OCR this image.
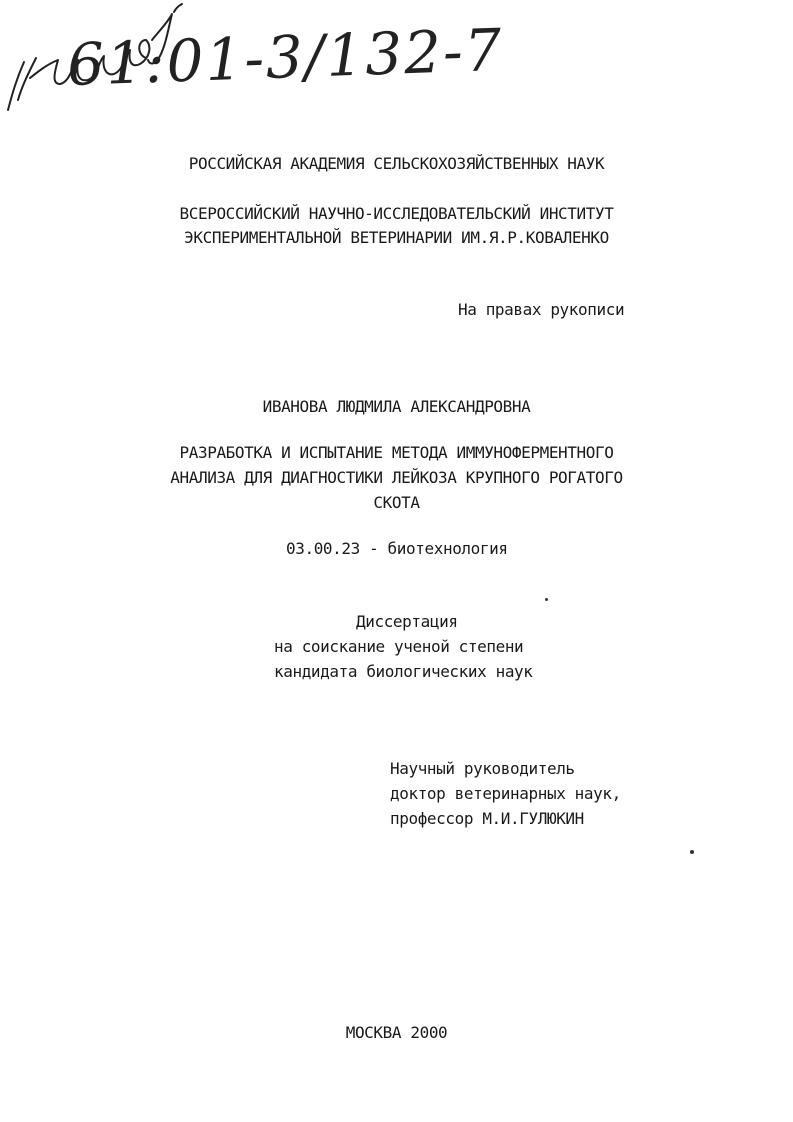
61:01-3/132-7
РОССИЙСКАЯ АКАДЕМИЯ СЕЛЬСКОХОЗЯЙСТВЕННЫХ НАУК
ВСЕРОССИЙСКИЙ НАУЧНО-ИССЛЕДОВАТЕЛЬСКИЙ ИНСТИТУТ
ЭКСПЕРИМЕНТАЛЬНОЙ ВЕТЕРИНАРИИ ИМ.Я.Р.КОВАЛЕНКО
На правах рукописи
ИВАНОВА ЛЮДМИЛА АЛЕКСАНДРОВНА
РАЗРАБОТКА И ИСПЫТАНИЕ МЕТОДА ИММУНОФЕРМЕНТНОГО
АНАЛИЗА ДЛЯ ДИАГНОСТИКИ ЛЕЙКОЗА КРУПНОГО РОГАТОГО
СКОТА
03.00.23 - биотехнология
Диссертация
на соискание ученой степени
кандидата биологических наук
Научный руководитель
доктор ветеринарных наук,
профессор М.И.ГУЛЮКИН
МОСКВА 2000
